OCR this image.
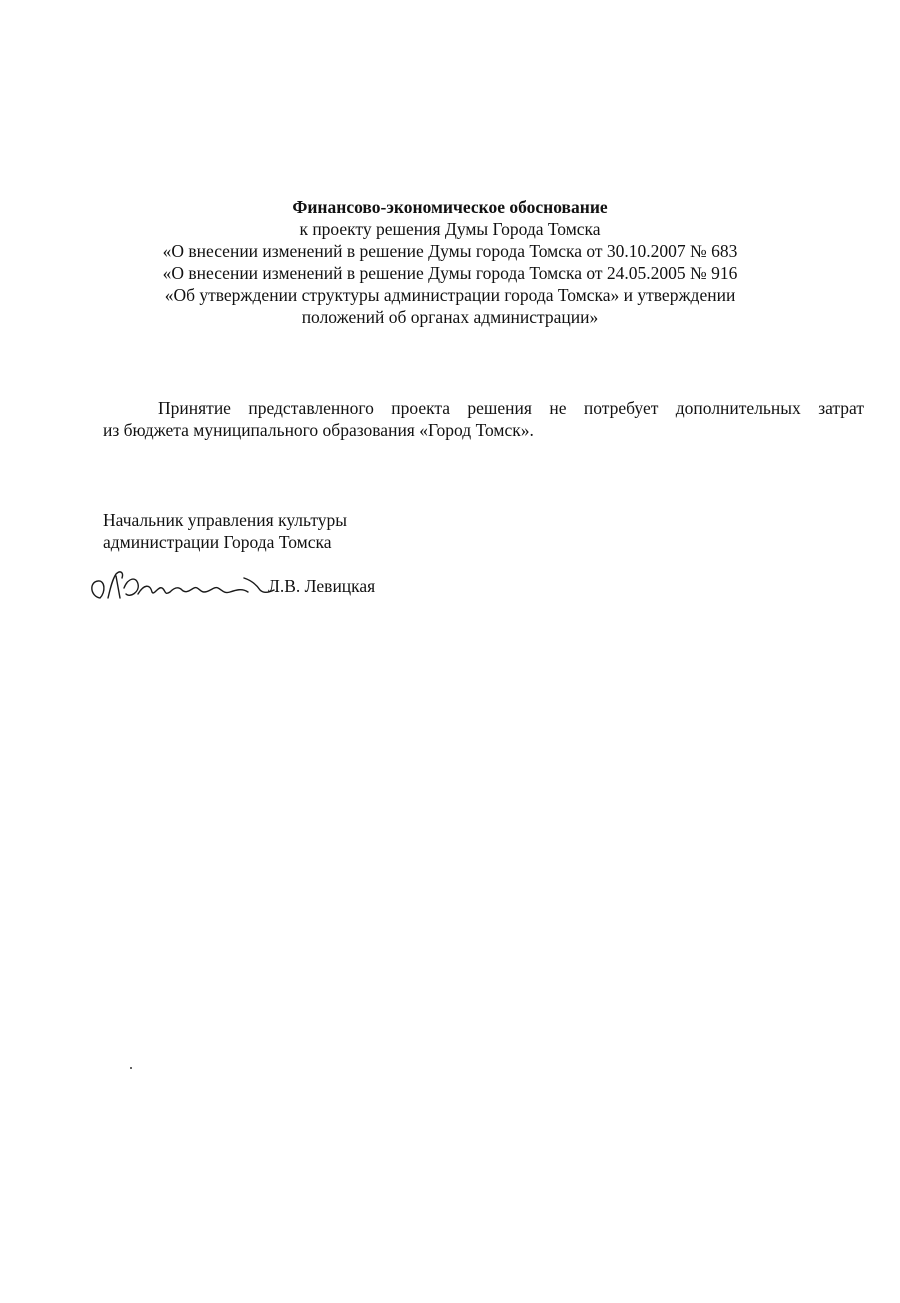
Финансово-экономическое обоснование
к проекту решения Думы Города Томска
«О внесении изменений в решение Думы города Томска от 30.10.2007 № 683
«О внесении изменений в решение Думы города Томска от 24.05.2005 № 916
«Об утверждении структуры администрации города Томска» и утверждении
положений об органах администрации»
Принятие представленного проекта решения не потребует дополнительных затрат
из бюджета муниципального образования «Город Томск».
Начальник управления культуры
администрации Города Томска
Л.В. Левицкая
